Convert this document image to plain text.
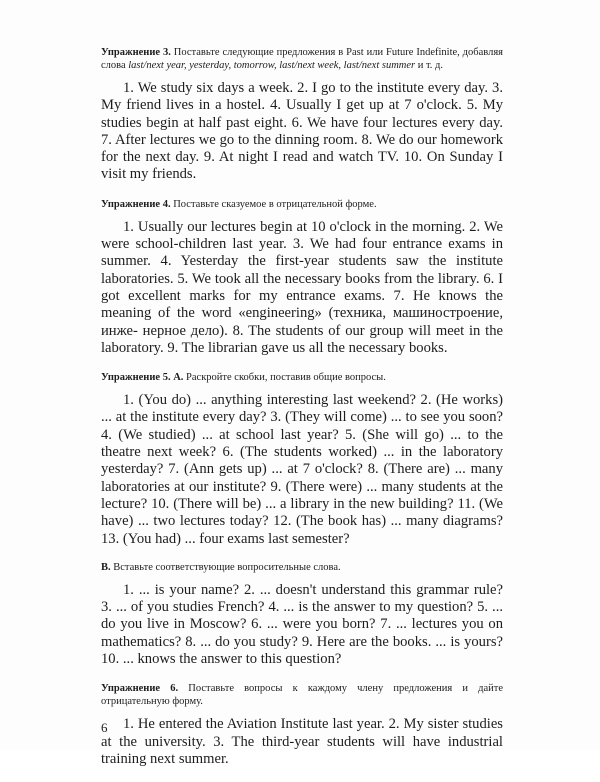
Упражнение 3. Поставьте следующие предложения в Past или Future Indefinite, добавляя слова last/next year, yesterday, tomorrow, last/next week, last/next summer и т. д.

1. We study six days a week. 2. I go to the institute every day. 3. My friend lives in a hostel. 4. Usually I get up at 7 o'clock. 5. My studies begin at half past eight. 6. We have four lectures every day. 7. After lectures we go to the dinning room. 8. We do our homework for the next day. 9. At night I read and watch TV. 10. On Sunday I visit my friends.

Упражнение 4. Поставьте сказуемое в отрицательной форме.

1. Usually our lectures begin at 10 o'clock in the morning. 2. We were school-children last year. 3. We had four entrance exams in summer. 4. Yesterday the first-year students saw the institute laboratories. 5. We took all the necessary books from the library. 6. I got excellent marks for my entrance exams. 7. He knows the meaning of the word «engineering» (техника, машиностроение, инже- нерное дело). 8. The students of our group will meet in the laboratory. 9. The librarian gave us all the necessary books.

Упражнение 5. А. Раскройте скобки, поставив общие вопросы.

1. (You do) ... anything interesting last weekend? 2. (He works) ... at the institute every day? 3. (They will come) ... to see you soon? 4. (We studied) ... at school last year? 5. (She will go) ... to the theatre next week? 6. (The students worked) ... in the laboratory yesterday? 7. (Ann gets up) ... at 7 o'clock? 8. (There are) ... many laboratories at our institute? 9. (There were) ... many students at the lecture? 10. (There will be) ... a library in the new building? 11. (We have) ... two lectures today? 12. (The book has) ... many diagrams? 13. (You had) ... four exams last semester?

B. Вставьте соответствующие вопросительные слова.

1. ... is your name? 2. ... doesn't understand this grammar rule? 3. ... of you studies French? 4. ... is the answer to my question? 5. ... do you live in Moscow? 6. ... were you born? 7. ... lectures you on mathematics? 8. ... do you study? 9. Here are the books. ... is yours? 10. ... knows the answer to this question?

Упражнение 6. Поставьте вопросы к каждому члену предложения и дайте отрицательную форму.

1. He entered the Aviation Institute last year. 2. My sister studies at the university. 3. The third-year students will have industrial training next summer.

6
